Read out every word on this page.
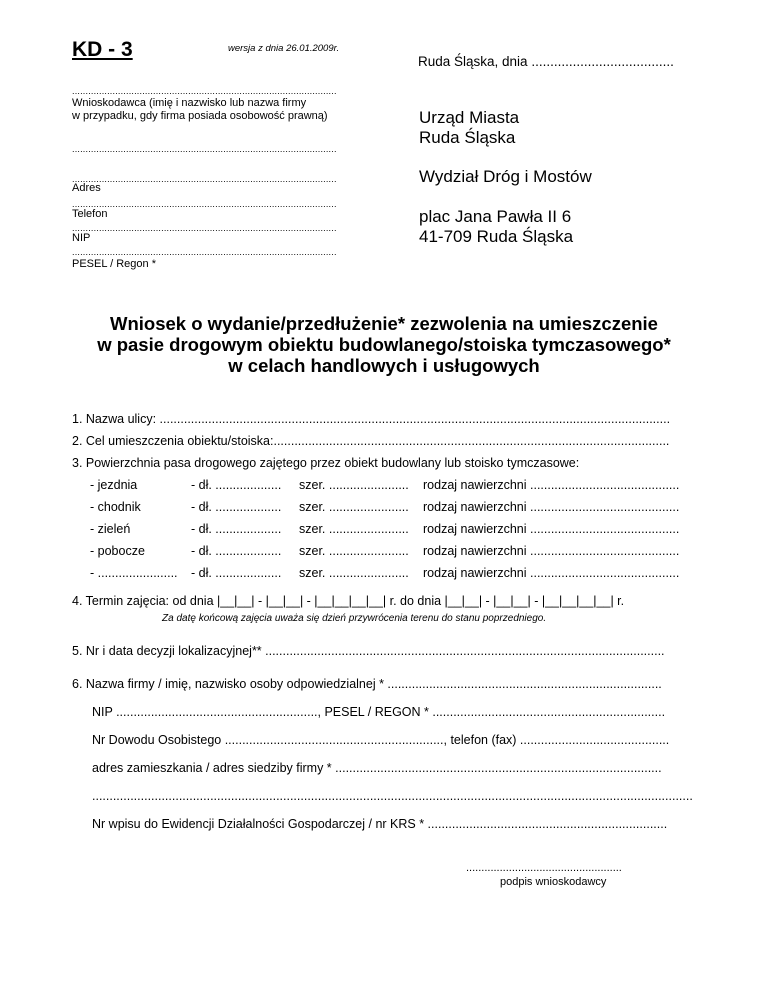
KD - 3	wersja z dnia 26.01.2009r.
Ruda Śląska, dnia ......................................
..................................................................................................
Wnioskodawca (imię i nazwisko lub nazwa firmy
w przypadku, gdy firma posiada osobowość prawną)
..................................................................................................
..................................................................................................
Adres
..................................................................................................
Telefon
..................................................................................................
NIP
..................................................................................................
PESEL / Regon *
Urząd Miasta
Ruda Śląska
Wydział Dróg i Mostów
plac Jana Pawła II 6
41-709 Ruda Śląska
Wniosek o wydanie/przedłużenie* zezwolenia na umieszczenie
w pasie drogowym obiektu budowlanego/stoiska tymczasowego*
w celach handlowych i usługowych
1. Nazwa ulicy: ...................................................................................................................................................
2. Cel umieszczenia obiektu/stoiska:..................................................................................................................
3. Powierzchnia pasa drogowego zajętego przez obiekt budowlany lub stoisko tymczasowe:
- jezdnia	- dł. ................... szer. ....................... rodzaj nawierzchni ...........................................
- chodnik	- dł. ................... szer. ....................... rodzaj nawierzchni ...........................................
- zieleń	- dł. ................... szer. ....................... rodzaj nawierzchni ...........................................
- pobocze	- dł. ................... szer. ....................... rodzaj nawierzchni ...........................................
- ....................... - dł. ................... szer. ....................... rodzaj nawierzchni ...........................................
4. Termin zajęcia: od dnia |__|__| - |__|__| - |__|__|__|__| r. do dnia |__|__| - |__|__| - |__|__|__|__| r.
Za datę końcową zajęcia uważa się dzień przywrócenia terenu do stanu poprzedniego.
5. Nr i data decyzji lokalizacyjnej** ...................................................................................................................
6. Nazwa firmy / imię, nazwisko osoby odpowiedzialnej * ...............................................................................
NIP .........................................................., PESEL / REGON * ...................................................................
Nr Dowodu Osobistego ..............................................................., telefon (fax) ...........................................
adres zamieszkania / adres siedziby firmy * ..............................................................................................
.............................................................................................................................................................................
Nr wpisu do Ewidencji Działalności Gospodarczej / nr KRS * .....................................................................
...................................................
podpis wnioskodawcy
